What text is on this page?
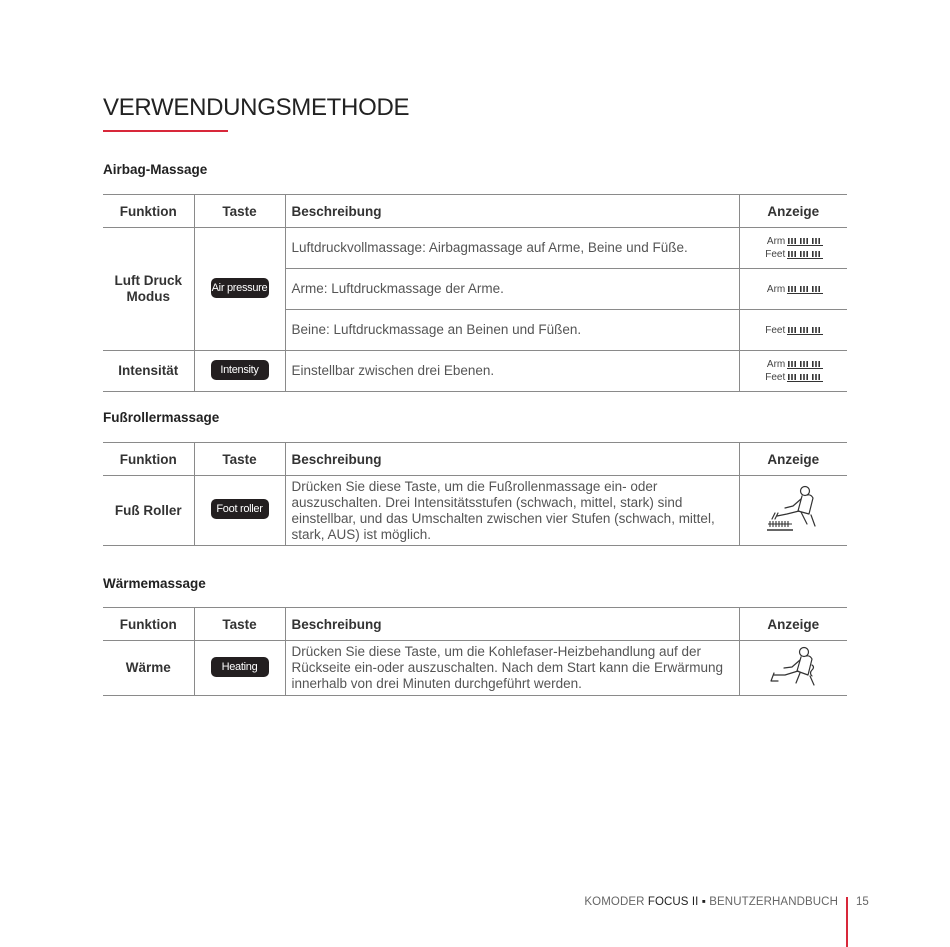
VERWENDUNGSMETHODE
Airbag-Massage
Funktion	Taste	Beschreibung	Anzeige
Luft Druck Modus	Air pressure	Luftdruckvollmassage: Airbagmassage auf Arme, Beine und Füße.	Arm
Feet

		Arme: Luftdruckmassage der Arme.	Arm

		Beine: Luftdruckmassage an Beinen und Füßen.	Feet

Intensität	Intensity	Einstellbar zwischen drei Ebenen.	Arm
Feet
Fußrollermassage
Funktion	Taste	Beschreibung	Anzeige
Fuß Roller	Foot roller	Drücken Sie diese Taste, um die Fußrollenmassage ein- oder auszuschalten. Drei Intensitätsstufen (schwach, mittel, stark) sind einstellbar, und das Umschalten zwischen vier Stufen (schwach, mittel, stark, AUS) ist möglich.	
Wärmemassage
Funktion	Taste	Beschreibung	Anzeige
Wärme	Heating	Drücken Sie diese Taste, um die Kohlefaser-Heizbehandlung auf der Rückseite ein-oder auszuschalten. Nach dem Start kann die Erwärmung innerhalb von drei Minuten durchgeführt werden.	
KOMODER FOCUS II ▪ BENUTZERHANDBUCH 15
